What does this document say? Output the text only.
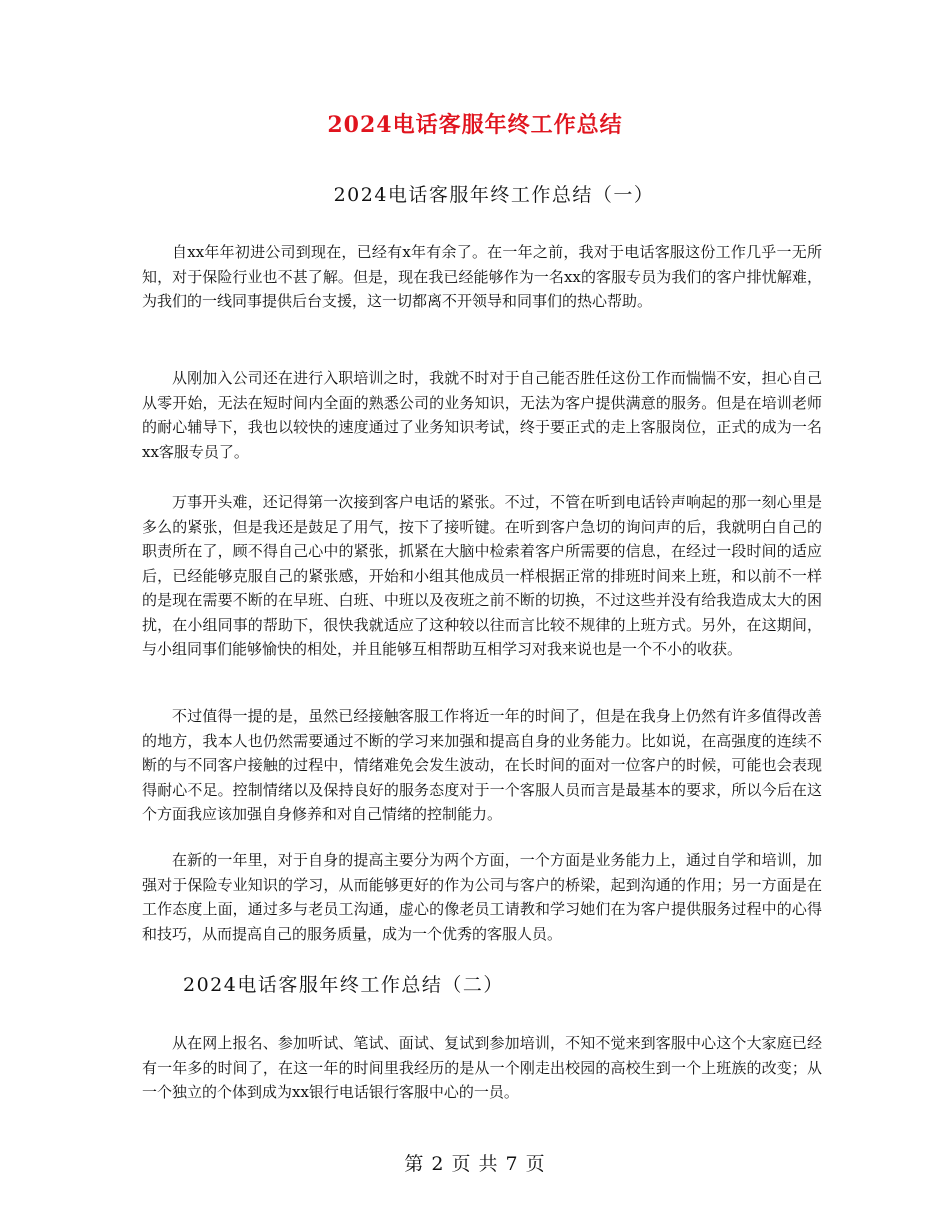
2024电话客服年终工作总结
2024电话客服年终工作总结（一）

自xx年年初进公司到现在，已经有x年有余了。在一年之前，我对于电话客服这份工作几乎一无所知，对于保险行业也不甚了解。但是，现在我已经能够作为一名xx的客服专员为我们的客户排忧解难，为我们的一线同事提供后台支援，这一切都离不开领导和同事们的热心帮助。

从刚加入公司还在进行入职培训之时，我就不时对于自己能否胜任这份工作而惴惴不安，担心自己从零开始，无法在短时间内全面的熟悉公司的业务知识，无法为客户提供满意的服务。但是在培训老师的耐心辅导下，我也以较快的速度通过了业务知识考试，终于要正式的走上客服岗位，正式的成为一名xx客服专员了。

万事开头难，还记得第一次接到客户电话的紧张。不过，不管在听到电话铃声响起的那一刻心里是多么的紧张，但是我还是鼓足了用气，按下了接听键。在听到客户急切的询问声的后，我就明白自己的职责所在了，顾不得自己心中的紧张，抓紧在大脑中检索着客户所需要的信息，在经过一段时间的适应后，已经能够克服自己的紧张感，开始和小组其他成员一样根据正常的排班时间来上班，和以前不一样的是现在需要不断的在早班、白班、中班以及夜班之前不断的切换，不过这些并没有给我造成太大的困扰，在小组同事的帮助下，很快我就适应了这种较以往而言比较不规律的上班方式。另外，在这期间，与小组同事们能够愉快的相处，并且能够互相帮助互相学习对我来说也是一个不小的收获。

不过值得一提的是，虽然已经接触客服工作将近一年的时间了，但是在我身上仍然有许多值得改善的地方，我本人也仍然需要通过不断的学习来加强和提高自身的业务能力。比如说，在高强度的连续不断的与不同客户接触的过程中，情绪难免会发生波动，在长时间的面对一位客户的时候，可能也会表现得耐心不足。控制情绪以及保持良好的服务态度对于一个客服人员而言是最基本的要求，所以今后在这个方面我应该加强自身修养和对自己情绪的控制能力。

在新的一年里，对于自身的提高主要分为两个方面，一个方面是业务能力上，通过自学和培训，加强对于保险专业知识的学习，从而能够更好的作为公司与客户的桥梁，起到沟通的作用；另一方面是在工作态度上面，通过多与老员工沟通，虚心的像老员工请教和学习她们在为客户提供服务过程中的心得和技巧，从而提高自己的服务质量，成为一个优秀的客服人员。

2024电话客服年终工作总结（二）

从在网上报名、参加听试、笔试、面试、复试到参加培训，不知不觉来到客服中心这个大家庭已经有一年多的时间了，在这一年的时间里我经历的是从一个刚走出校园的高校生到一个上班族的改变；从一个独立的个体到成为xx银行电话银行客服中心的一员。

第 2 页 共 7 页
